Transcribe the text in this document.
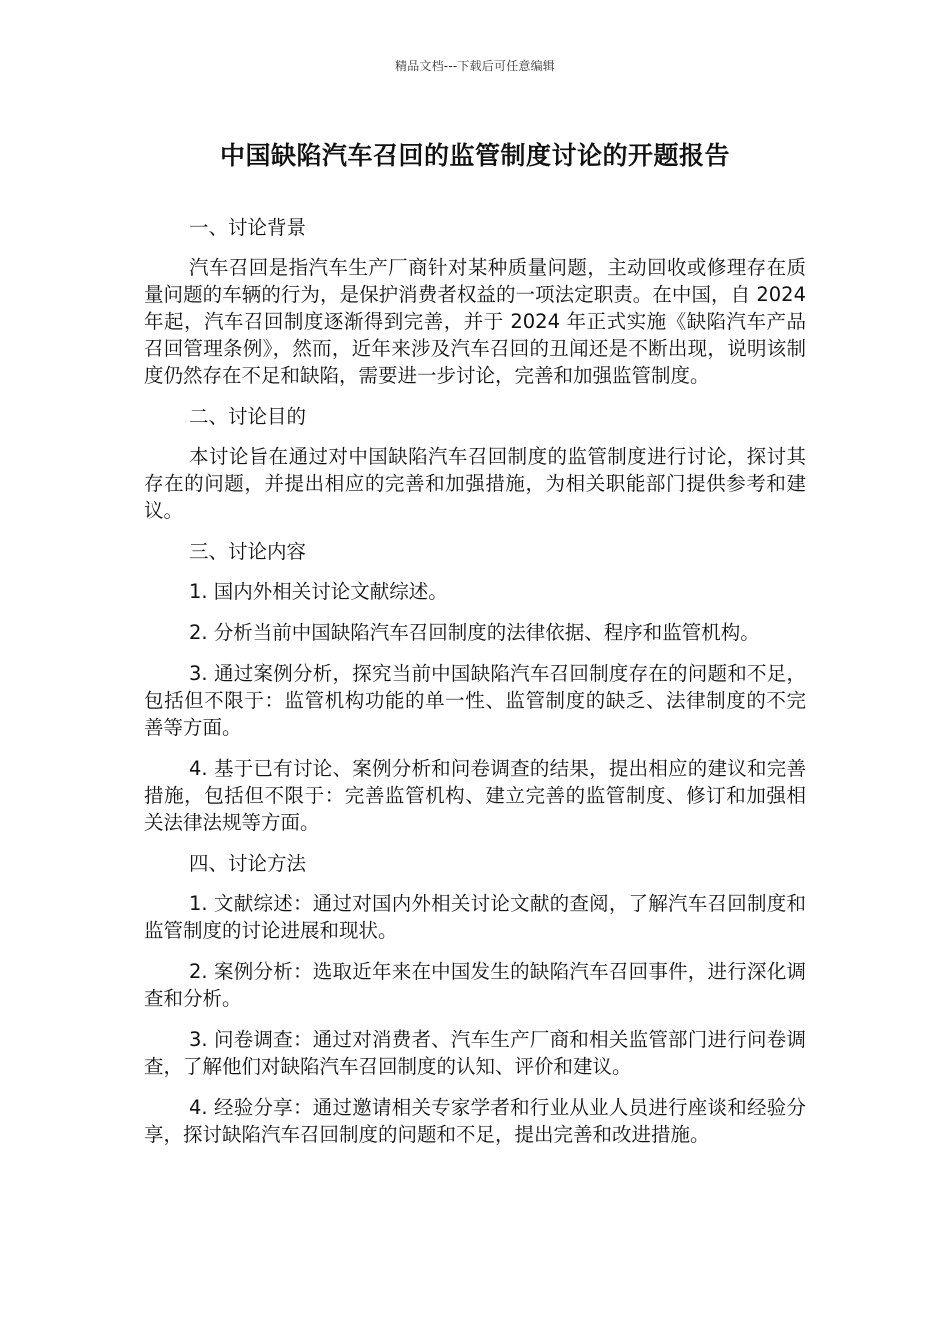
精品文档---下载后可任意编辑
中国缺陷汽车召回的监管制度讨论的开题报告

一、讨论背景

汽车召回是指汽车生产厂商针对某种质量问题，主动回收或修理存在质量问题的车辆的行为，是保护消费者权益的一项法定职责。在中国，自 2024 年起，汽车召回制度逐渐得到完善，并于 2024 年正式实施《缺陷汽车产品召回管理条例》，然而，近年来涉及汽车召回的丑闻还是不断出现，说明该制度仍然存在不足和缺陷，需要进一步讨论，完善和加强监管制度。

二、讨论目的

本讨论旨在通过对中国缺陷汽车召回制度的监管制度进行讨论，探讨其存在的问题，并提出相应的完善和加强措施，为相关职能部门提供参考和建议。

三、讨论内容

1. 国内外相关讨论文献综述。

2. 分析当前中国缺陷汽车召回制度的法律依据、程序和监管机构。

3. 通过案例分析，探究当前中国缺陷汽车召回制度存在的问题和不足，包括但不限于：监管机构功能的单一性、监管制度的缺乏、法律制度的不完善等方面。

4. 基于已有讨论、案例分析和问卷调查的结果，提出相应的建议和完善措施，包括但不限于：完善监管机构、建立完善的监管制度、修订和加强相关法律法规等方面。

四、讨论方法

1. 文献综述：通过对国内外相关讨论文献的查阅，了解汽车召回制度和监管制度的讨论进展和现状。

2. 案例分析：选取近年来在中国发生的缺陷汽车召回事件，进行深化调查和分析。

3. 问卷调查：通过对消费者、汽车生产厂商和相关监管部门进行问卷调查，了解他们对缺陷汽车召回制度的认知、评价和建议。

4. 经验分享：通过邀请相关专家学者和行业从业人员进行座谈和经验分享，探讨缺陷汽车召回制度的问题和不足，提出完善和改进措施。
